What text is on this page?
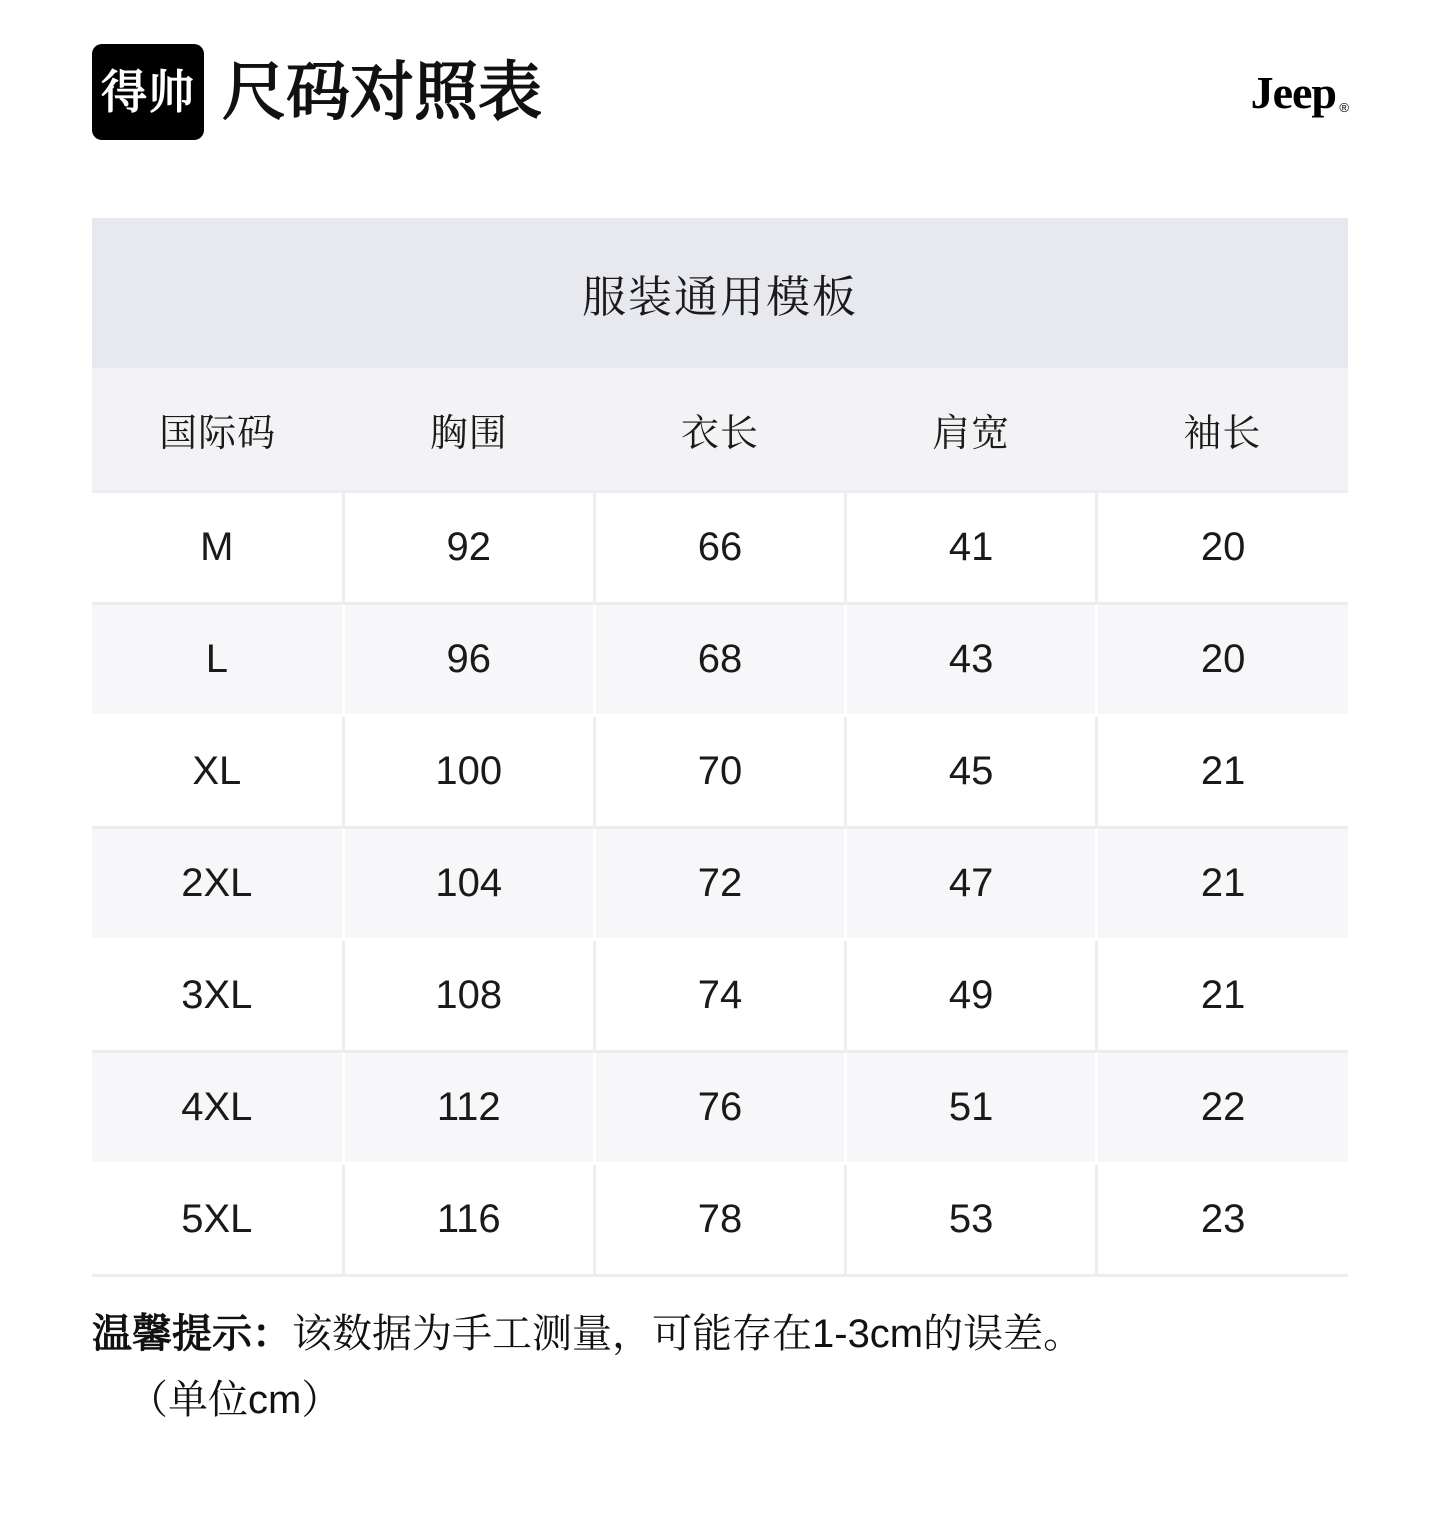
得帅 尺码对照表	Jeep ®
服装通用模板				
国际码	胸围	衣长	肩宽	袖长
M	92	66	41	20
L	96	68	43	20
XL	100	70	45	21
2XL	104	72	47	21
3XL	108	74	49	21
4XL	112	76	51	22
5XL	116	78	53	23
温馨提示：该数据为手工测量，可能存在1-3cm的误差。
（单位cm）
